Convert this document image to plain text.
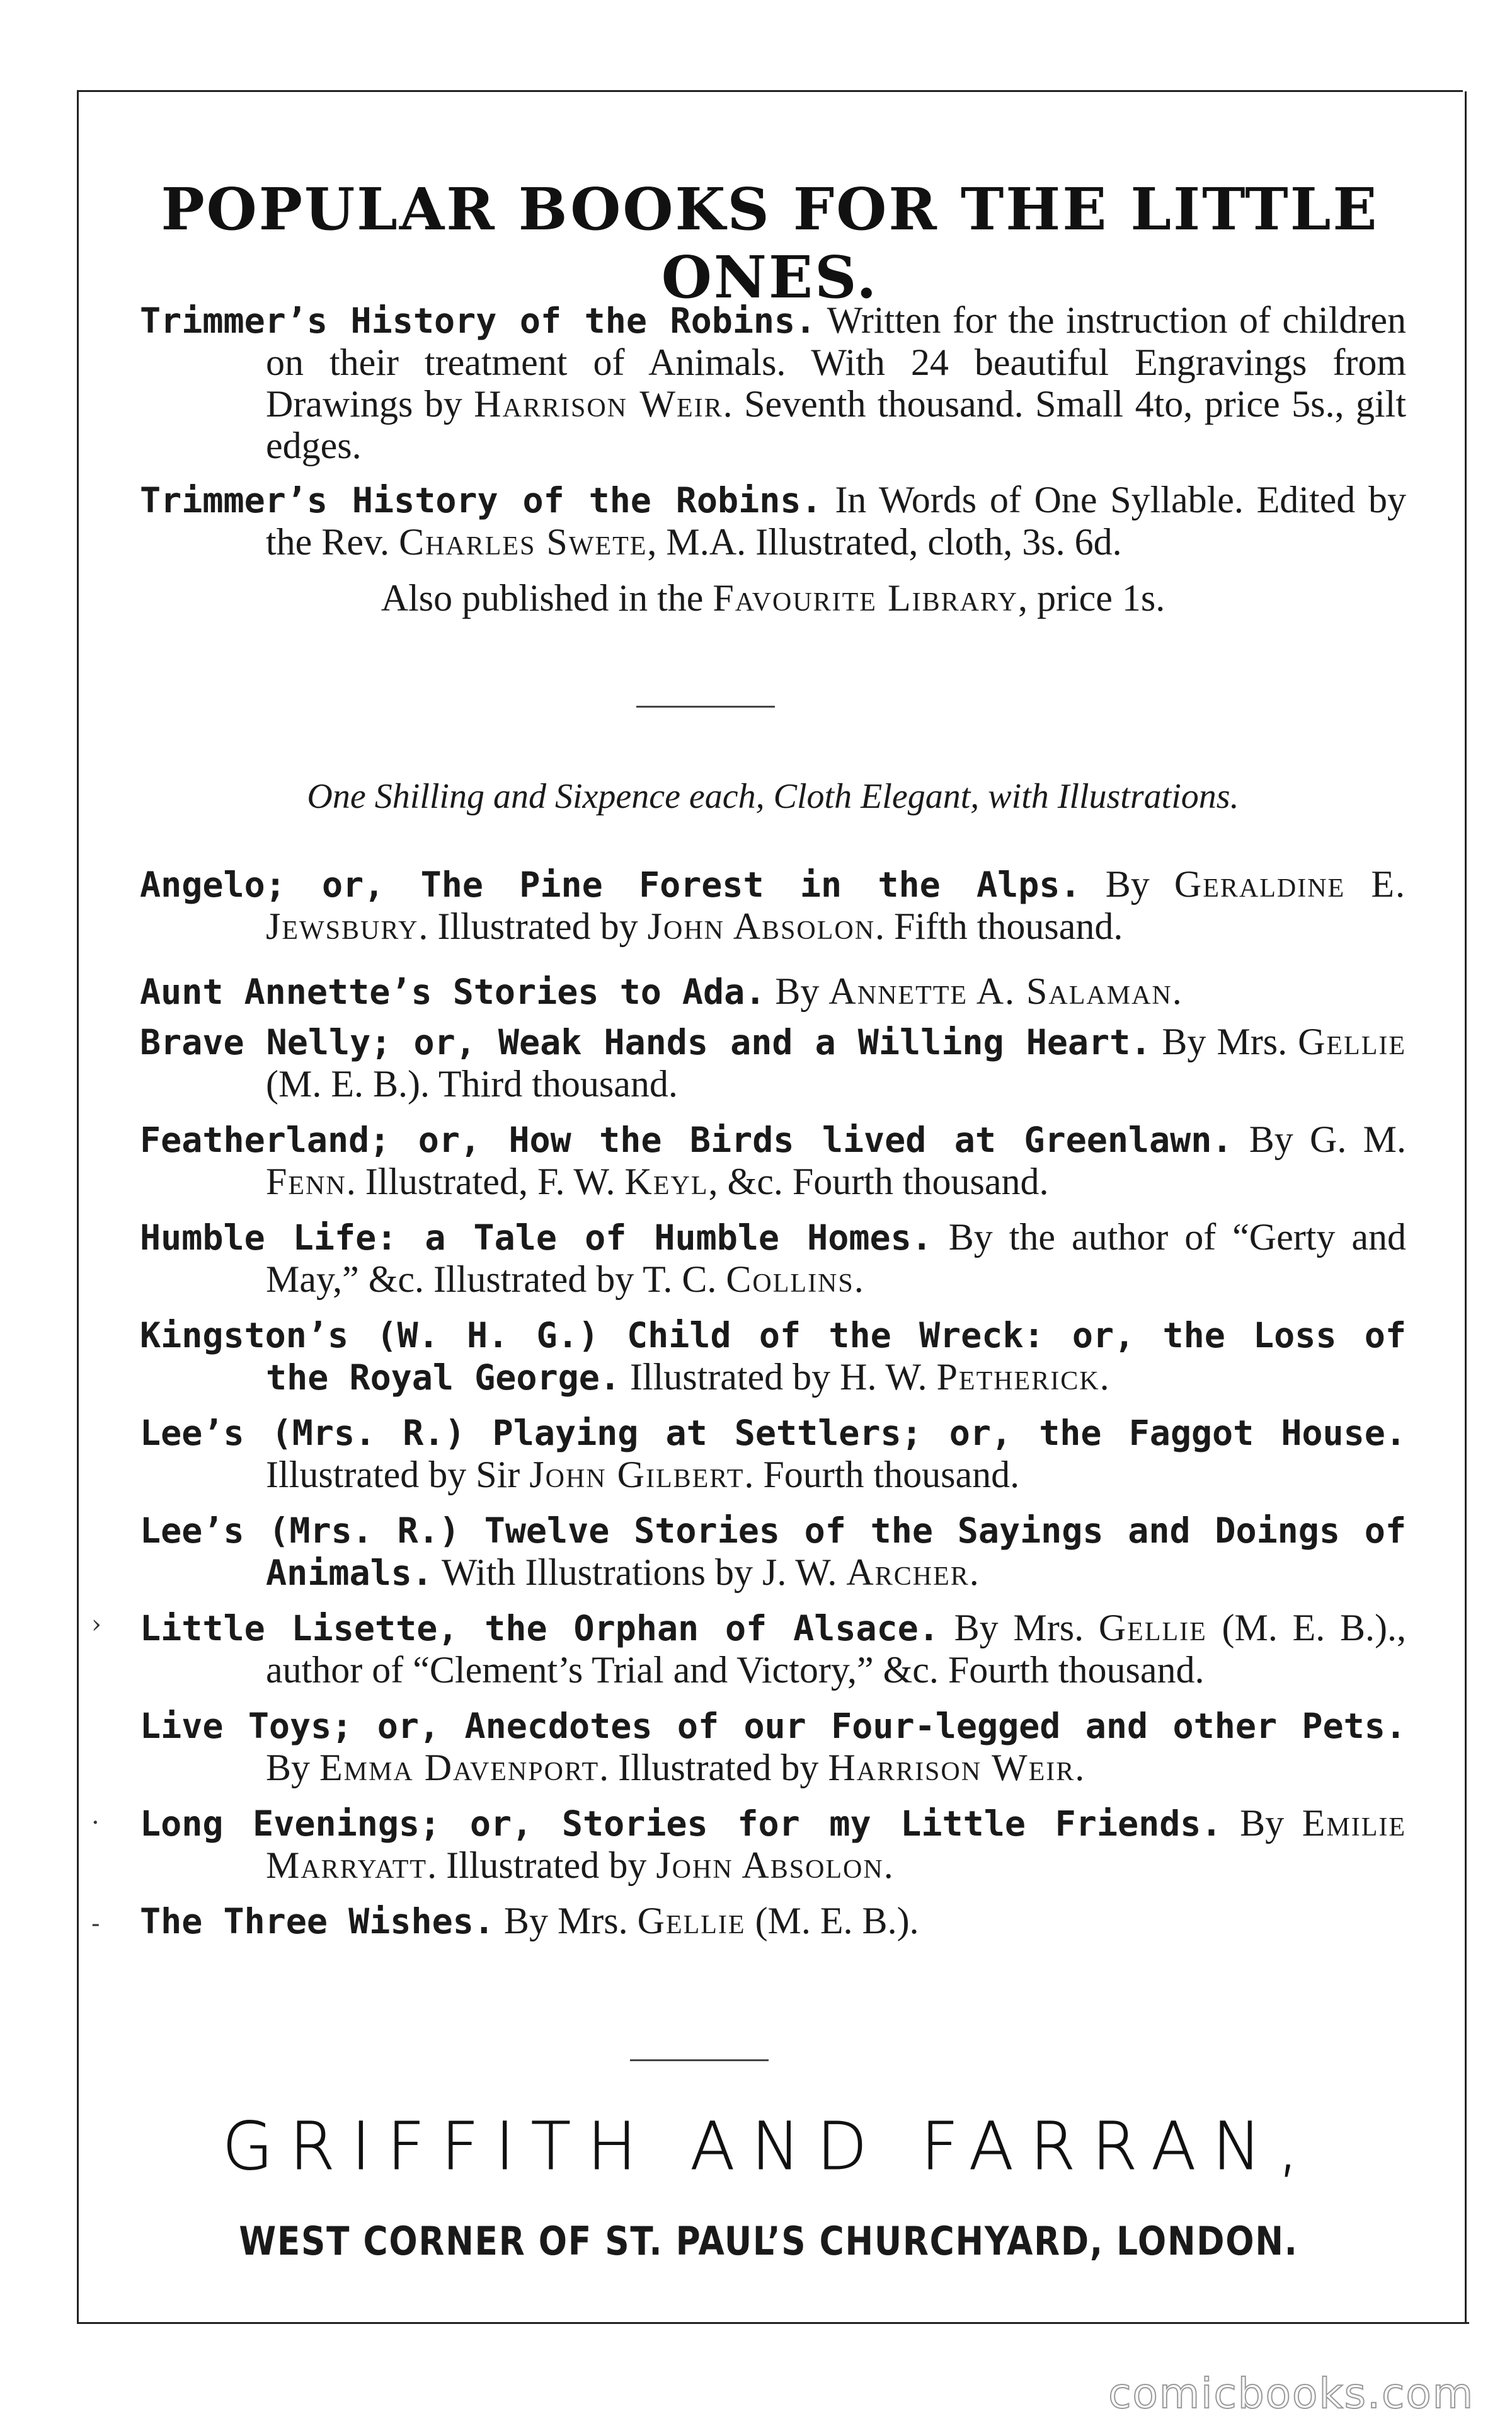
POPULAR BOOKS FOR THE LITTLE ONES.

Trimmer’s History of the Robins. Written for the instruction of children on their treatment of Animals. With 24 beautiful Engravings from Drawings by Harrison Weir. Seventh thousand. Small 4to, price 5s., gilt edges.

Trimmer’s History of the Robins. In Words of One Syllable. Edited by the Rev. Charles Swete, M.A. Illustrated, cloth, 3s. 6d.

Also published in the Favourite Library, price 1s.

One Shilling and Sixpence each, Cloth Elegant, with Illustrations.

Angelo; or, The Pine Forest in the Alps. By Geraldine E. Jewsbury. Illustrated by John Absolon. Fifth thousand.

Aunt Annette’s Stories to Ada. By Annette A. Salaman.

Brave Nelly; or, Weak Hands and a Willing Heart. By Mrs. Gellie (M. E. B.). Third thousand.

Featherland; or, How the Birds lived at Greenlawn. By G. M. Fenn. Illustrated, F. W. Keyl, &c. Fourth thousand.

Humble Life: a Tale of Humble Homes. By the author of “Gerty and May,” &c. Illustrated by T. C. Collins.

Kingston’s (W. H. G.) Child of the Wreck: or, the Loss of the Royal George. Illustrated by H. W. Petherick.

Lee’s (Mrs. R.) Playing at Settlers; or, the Faggot House. Illustrated by Sir John Gilbert. Fourth thousand.

Lee’s (Mrs. R.) Twelve Stories of the Sayings and Doings of Animals. With Illustrations by J. W. Archer.

Little Lisette, the Orphan of Alsace. By Mrs. Gellie (M. E. B.)., author of “Clement’s Trial and Victory,” &c. Fourth thousand.

Live Toys; or, Anecdotes of our Four-legged and other Pets. By Emma Davenport. Illustrated by Harrison Weir.

Long Evenings; or, Stories for my Little Friends. By Emilie Marryatt. Illustrated by John Absolon.

The Three Wishes. By Mrs. Gellie (M. E. B.).

GRIFFITH AND FARRAN,

WEST CORNER OF ST. PAUL’S CHURCHYARD, LONDON.

comicbooks.com
›
·
-
